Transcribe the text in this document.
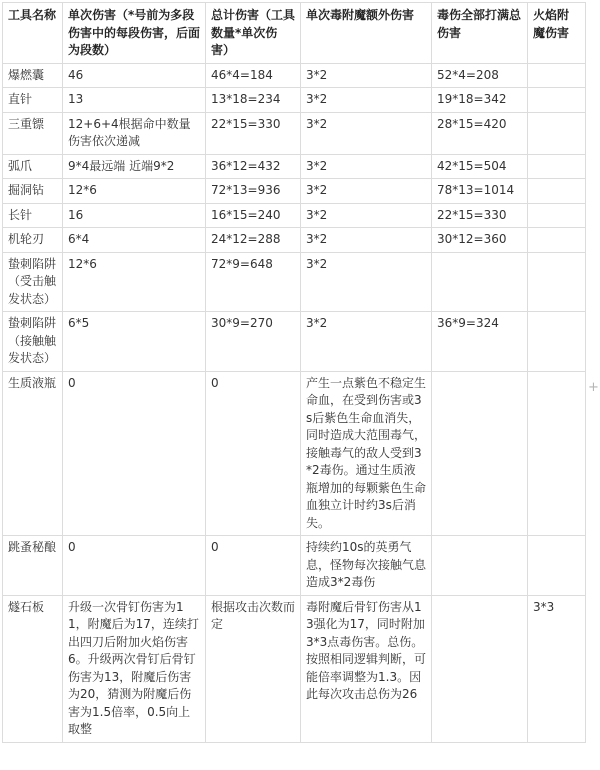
工具名称	单次伤害（*号前为多段伤害中的每段伤害，后面为段数）	总计伤害（工具数量*单次伤害）	单次毒附魔额外伤害	毒伤全部打满总伤害	火焰附魔伤害
爆燃囊	46	46*4=184	3*2	52*4=208	
直针	13	13*18=234	3*2	19*18=342	
三重镖	12+6+4根据命中数量伤害依次递减	22*15=330	3*2	28*15=420	
弧爪	9*4最远端 近端9*2	36*12=432	3*2	42*15=504	
掘洞钻	12*6	72*13=936	3*2	78*13=1014	
长针	16	16*15=240	3*2	22*15=330	
机轮刃	6*4	24*12=288	3*2	30*12=360	
蛰刺陷阱（受击触发状态）	12*6	72*9=648	3*2		
蛰刺陷阱（接触触发状态）	6*5	30*9=270	3*2	36*9=324	
生质液瓶	0	0	产生一点紫色不稳定生命血，在受到伤害或3s后紫色生命血消失，同时造成大范围毒气，接触毒气的敌人受到3*2毒伤。通过生质液瓶增加的每颗紫色生命血独立计时约3s后消失。		
跳蚤秘酿	0	0	持续约10s的英勇气息，怪物每次接触气息造成3*2毒伤		
燧石板	升级一次骨钉伤害为11，附魔后为17，连续打出四刀后附加火焰伤害6。升级两次骨钉后骨钉伤害为13，附魔后伤害为20，猜测为附魔后伤害为1.5倍率，0.5向上取整	根据攻击次数而定	毒附魔后骨钉伤害从13强化为17，同时附加3*3点毒伤害。总伤。按照相同逻辑判断，可能倍率调整为1.3。因此每次攻击总伤为26		3*3
+
